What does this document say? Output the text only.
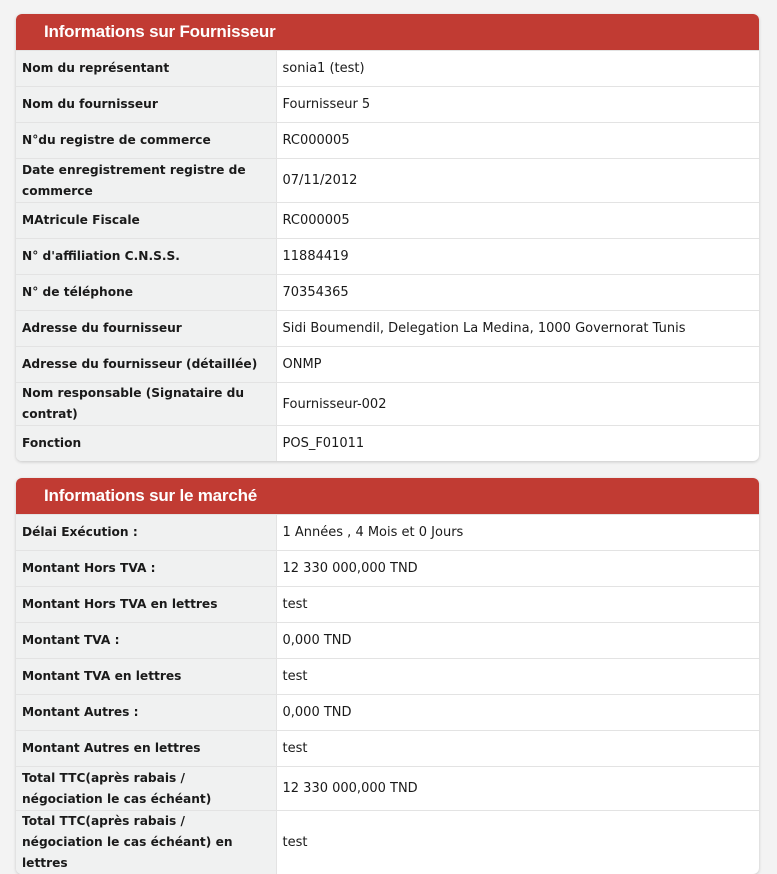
Informations sur Fournisseur
Nom du représentant	sonia1 (test)
Nom du fournisseur	Fournisseur 5
N°du registre de commerce	RC000005
Date enregistrement registre de commerce	07/11/2012
MAtricule Fiscale	RC000005
N° d'affiliation C.N.S.S.	11884419
N° de téléphone	70354365
Adresse du fournisseur	Sidi Boumendil, Delegation La Medina, 1000 Governorat Tunis
Adresse du fournisseur (détaillée)	ONMP
Nom responsable (Signataire du contrat)	Fournisseur-002
Fonction	POS_F01011
Informations sur le marché
Délai Exécution :	1 Années , 4 Mois et 0 Jours
Montant Hors TVA :	12 330 000,000 TND
Montant Hors TVA en lettres	test
Montant TVA :	0,000 TND
Montant TVA en lettres	test
Montant Autres :	0,000 TND
Montant Autres en lettres	test
Total TTC(après rabais / négociation le cas échéant)	12 330 000,000 TND
Total TTC(après rabais / négociation le cas échéant) en lettres	test
